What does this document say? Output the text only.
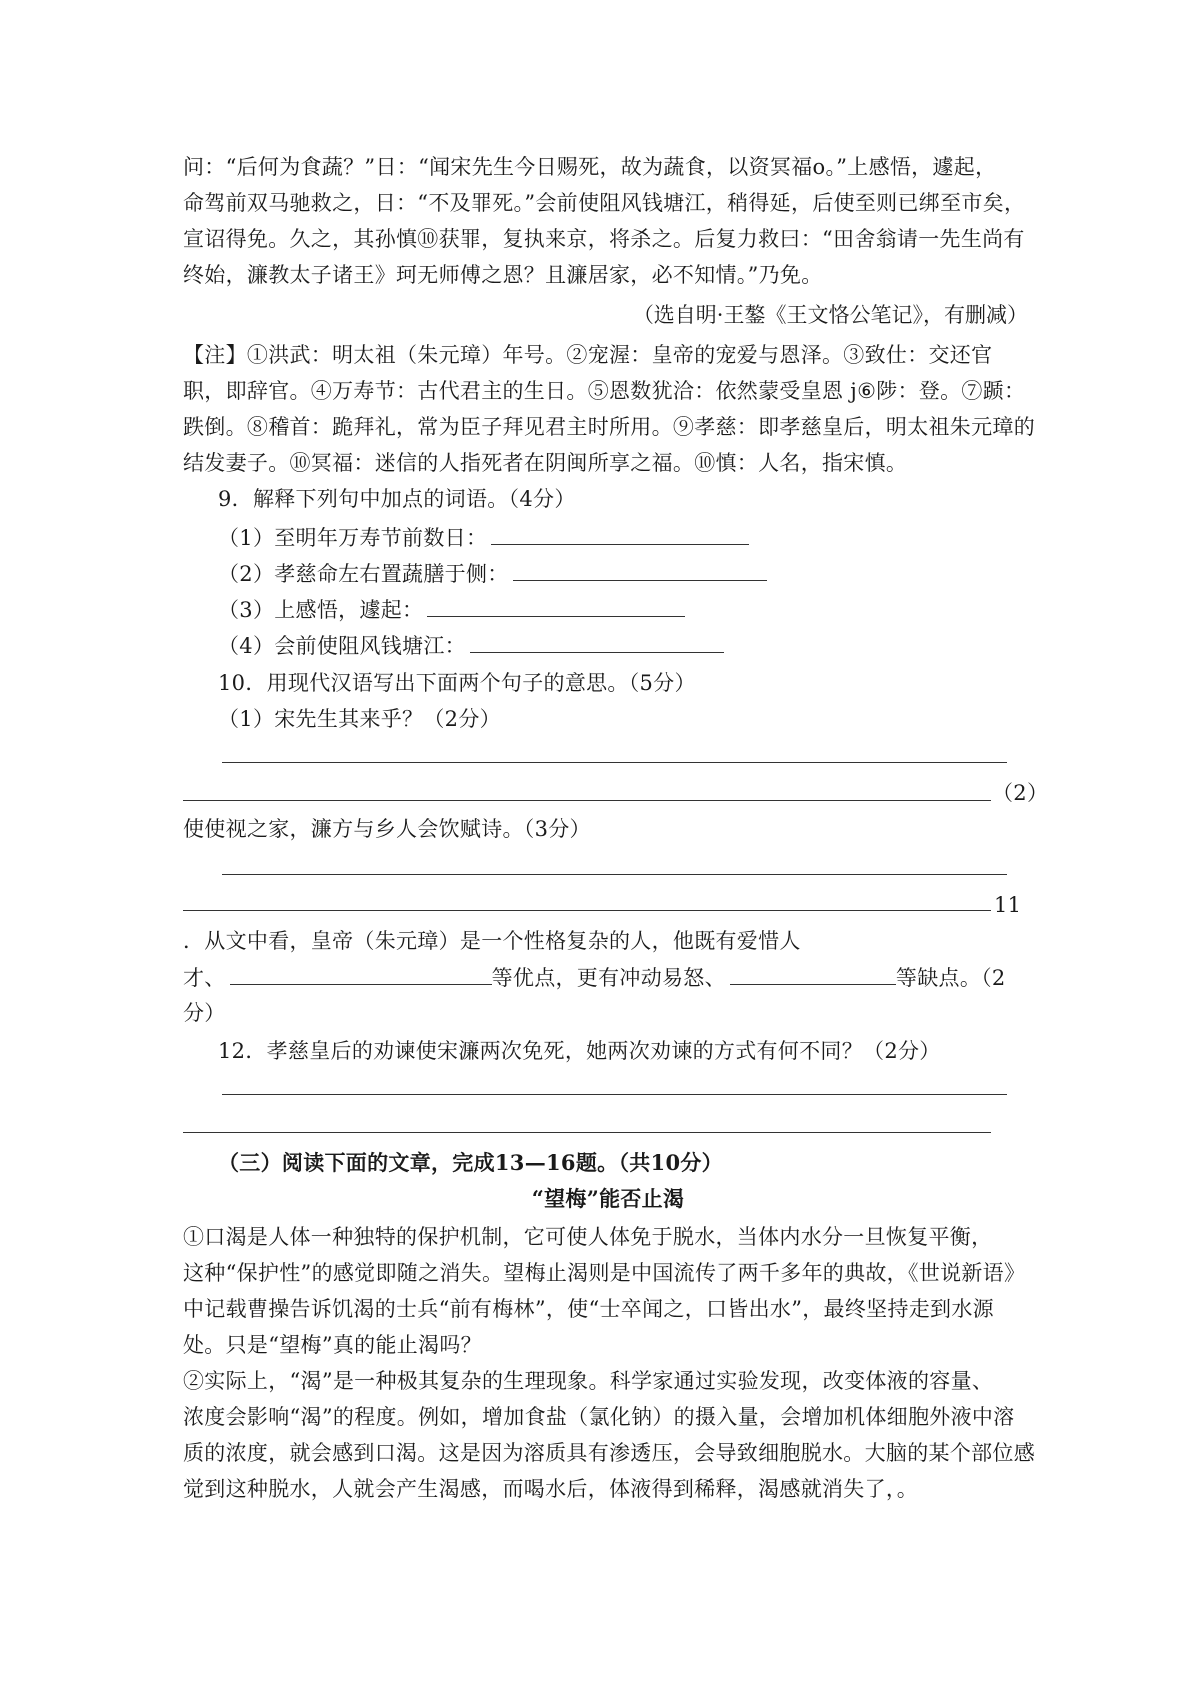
问：“后何为食蔬？”日：“闻宋先生今日赐死，故为蔬食，以资冥福o。”上感悟，遽起，
命驾前双马驰救之，日：“不及罪死。”会前使阻风钱塘江，稍得延，后使至则已绑至市矣，
宣诏得免。久之，其孙慎⑩获罪，复执来京，将杀之。后复力救曰：“田舍翁请一先生尚有
终始，濂教太子诸王》珂无师傅之恩？且濂居家，必不知情。”乃免。
（选自明·王鏊《王文恪公笔记》，有删减）
【注】①洪武：明太祖（朱元璋）年号。②宠渥：皇帝的宠爱与恩泽。③致仕：交还官
职，即辞官。④万寿节：古代君主的生日。⑤恩数犹洽：依然蒙受皇恩 j⑥陟：登。⑦踬：
跌倒。⑧稽首：跪拜礼，常为臣子拜见君主时所用。⑨孝慈：即孝慈皇后，明太祖朱元璋的
结发妻子。⑩冥福：迷信的人指死者在阴闽所享之福。⑩慎：人名，指宋慎。
9．解释下列句中加点的词语。（4分）
（1）至明年万寿节前数日：
（2）孝慈命左右置蔬膳于侧：
（3）上感悟，遽起：
（4）会前使阻风钱塘江：
10．用现代汉语写出下面两个句子的意思。（5分）
（1）宋先生其来乎？（2分）
（2）
使使视之家，濂方与乡人会饮赋诗。（3分）
11
．从文中看，皇帝（朱元璋）是一个性格复杂的人，他既有爱惜人
才、	等优点，更有冲动易怒、	等缺点。（2
分）
12．孝慈皇后的劝谏使宋濂两次免死，她两次劝谏的方式有何不同？（2分）
（三）阅读下面的文章，完成13—16题。（共10分）
“望梅”能否止渴
①口渴是人体一种独特的保护机制，它可使人体免于脱水，当体内水分一旦恢复平衡，
这种“保护性”的感觉即随之消失。望梅止渴则是中国流传了两千多年的典故，《世说新语》
中记载曹操告诉饥渴的士兵“前有梅林”，使“士卒闻之，口皆出水”，最终坚持走到水源
处。只是“望梅”真的能止渴吗？
②实际上，“渴”是一种极其复杂的生理现象。科学家通过实验发现，改变体液的容量、
浓度会影响“渴”的程度。例如，增加食盐（氯化钠）的摄入量，会增加机体细胞外液中溶
质的浓度，就会感到口渴。这是因为溶质具有渗透压，会导致细胞脱水。大脑的某个部位感
觉到这种脱水，人就会产生渴感，而喝水后，体液得到稀释，渴感就消失了，。
